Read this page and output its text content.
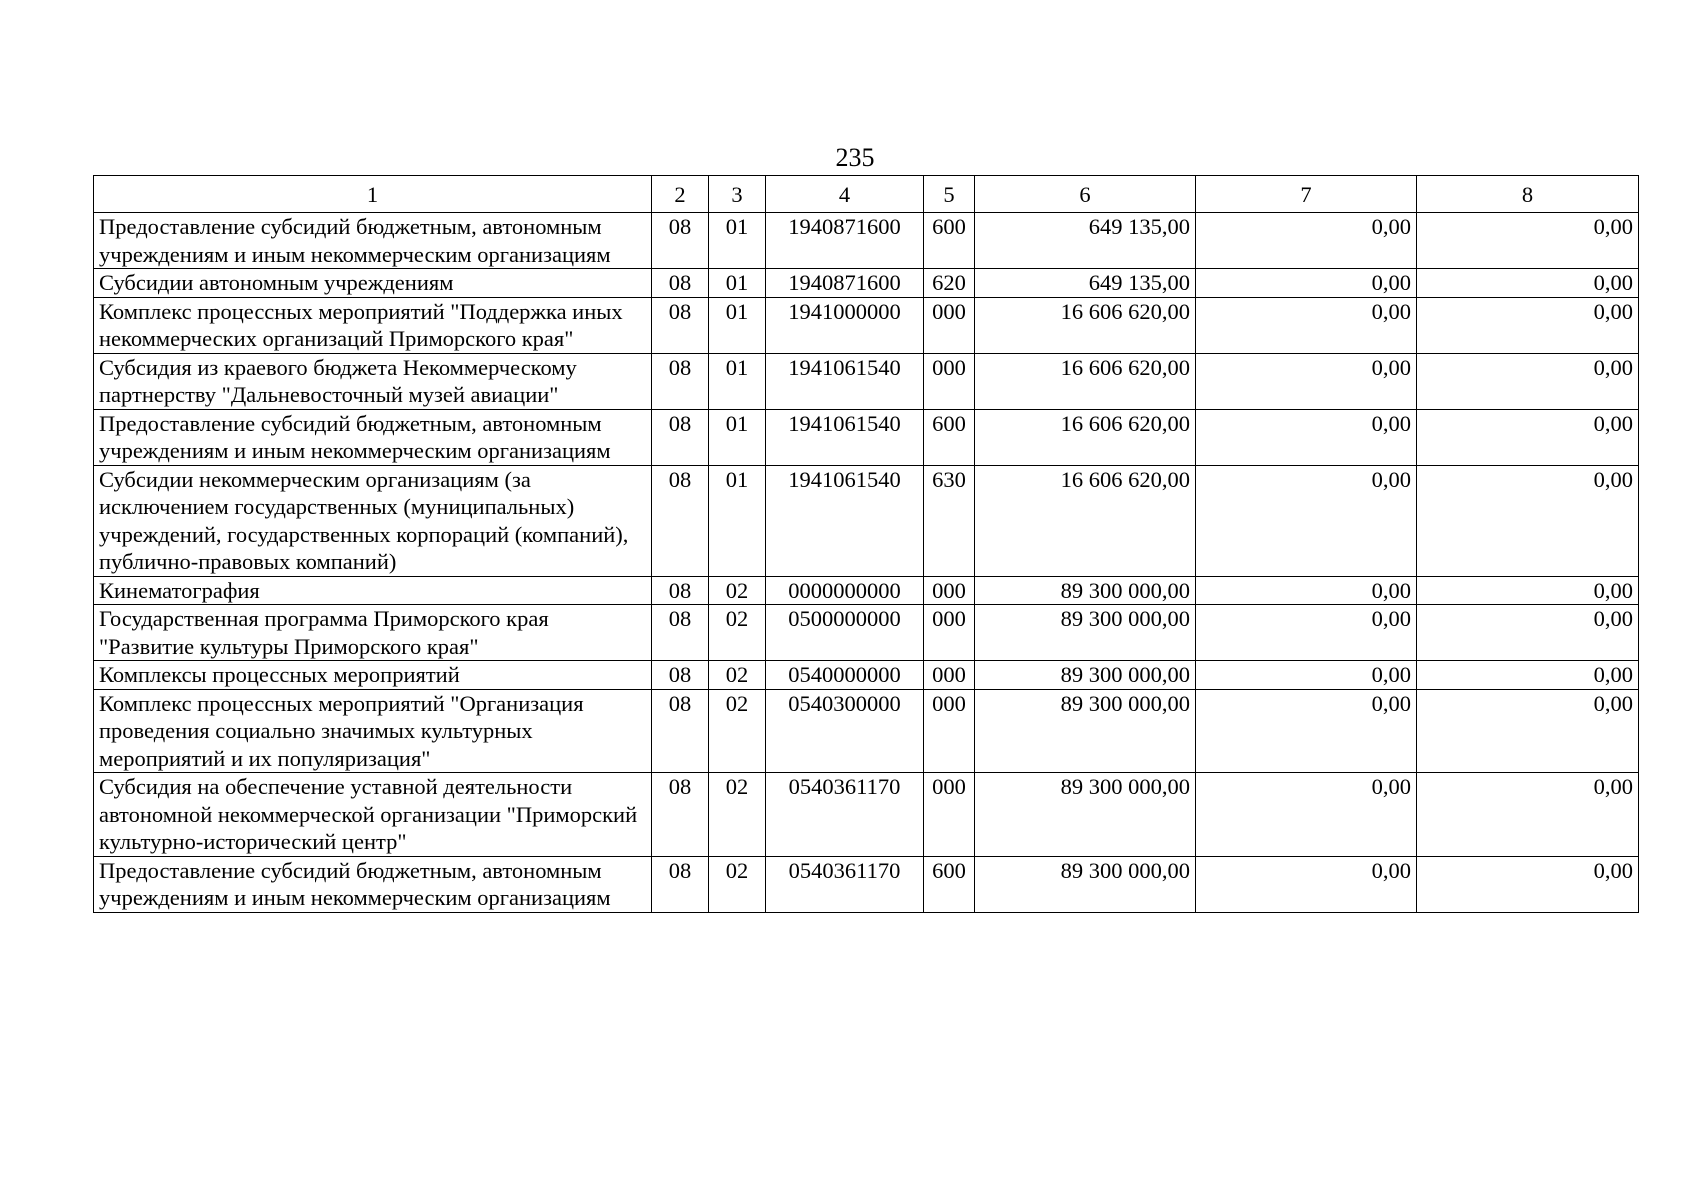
235
1	2	3	4	5	6	7	8
Предоставление субсидий бюджетным, автономным учреждениям и иным некоммерческим организациям	08	01	1940871600	600	649 135,00	0,00	0,00
Субсидии автономным учреждениям	08	01	1940871600	620	649 135,00	0,00	0,00
Комплекс процессных мероприятий "Поддержка иных некоммерческих организаций Приморского края"	08	01	1941000000	000	16 606 620,00	0,00	0,00
Субсидия из краевого бюджета Некоммерческому партнерству "Дальневосточный музей авиации"	08	01	1941061540	000	16 606 620,00	0,00	0,00
Предоставление субсидий бюджетным, автономным учреждениям и иным некоммерческим организациям	08	01	1941061540	600	16 606 620,00	0,00	0,00
Субсидии некоммерческим организациям (за исключением государственных (муниципальных) учреждений, государственных корпораций (компаний), публично-правовых компаний)	08	01	1941061540	630	16 606 620,00	0,00	0,00
Кинематография	08	02	0000000000	000	89 300 000,00	0,00	0,00
Государственная программа Приморского края "Развитие культуры Приморского края"	08	02	0500000000	000	89 300 000,00	0,00	0,00
Комплексы процессных мероприятий	08	02	0540000000	000	89 300 000,00	0,00	0,00
Комплекс процессных мероприятий "Организация проведения социально значимых культурных мероприятий и их популяризация"	08	02	0540300000	000	89 300 000,00	0,00	0,00
Субсидия на обеспечение уставной деятельности автономной некоммерческой организации "Приморский культурно-исторический центр"	08	02	0540361170	000	89 300 000,00	0,00	0,00
Предоставление субсидий бюджетным, автономным учреждениям и иным некоммерческим организациям	08	02	0540361170	600	89 300 000,00	0,00	0,00
